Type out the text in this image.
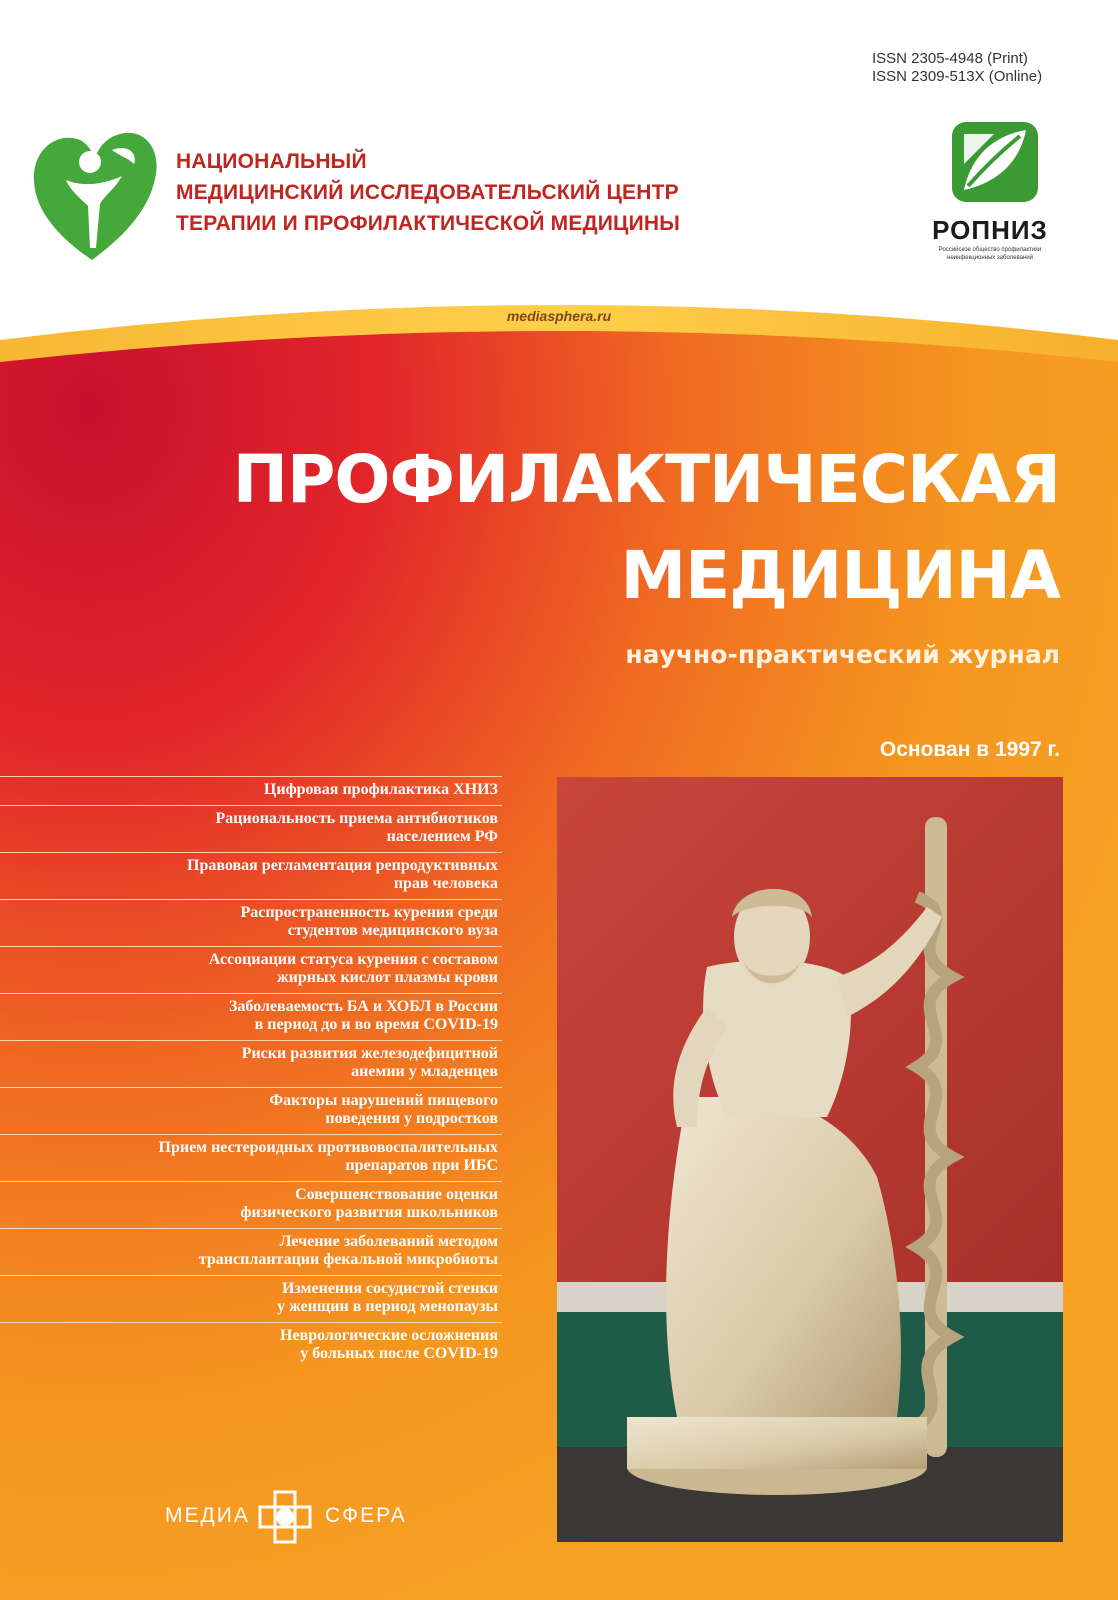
mediasphera.ru
ISSN 2305-4948 (Print)
ISSN 2309-513X (Online)
НАЦИОНАЛЬНЫЙ
МЕДИЦИНСКИЙ ИССЛЕДОВАТЕЛЬСКИЙ ЦЕНТР
ТЕРАПИИ И ПРОФИЛАКТИЧЕСКОЙ МЕДИЦИНЫ	РОПНИЗ
Российское общество профилактики
неинфекционных заболеваний
ПРОФИЛАКТИЧЕСКАЯ
МЕДИЦИНА
научно-практический журнал
Основан в 1997 г.
Цифровая профилактика ХНИЗ
Рациональность приема антибиотиков
населением РФ
Правовая регламентация репродуктивных
прав человека
Распространенность курения среди
студентов медицинского вуза
Ассоциации статуса курения с составом
жирных кислот плазмы крови
Заболеваемость БА и ХОБЛ в России
в период до и во время COVID-19
Риски развития железодефицитной
анемии у младенцев
Факторы нарушений пищевого
поведения у подростков
Прием нестероидных противовоспалительных
препаратов при ИБС
Совершенствование оценки
физического развития школьников
Лечение заболеваний методом
трансплантации фекальной микробиоты
Изменения сосудистой стенки
у женщин в период менопаузы
Неврологические осложнения
у больных после COVID-19
МЕДИА	СФЕРА
